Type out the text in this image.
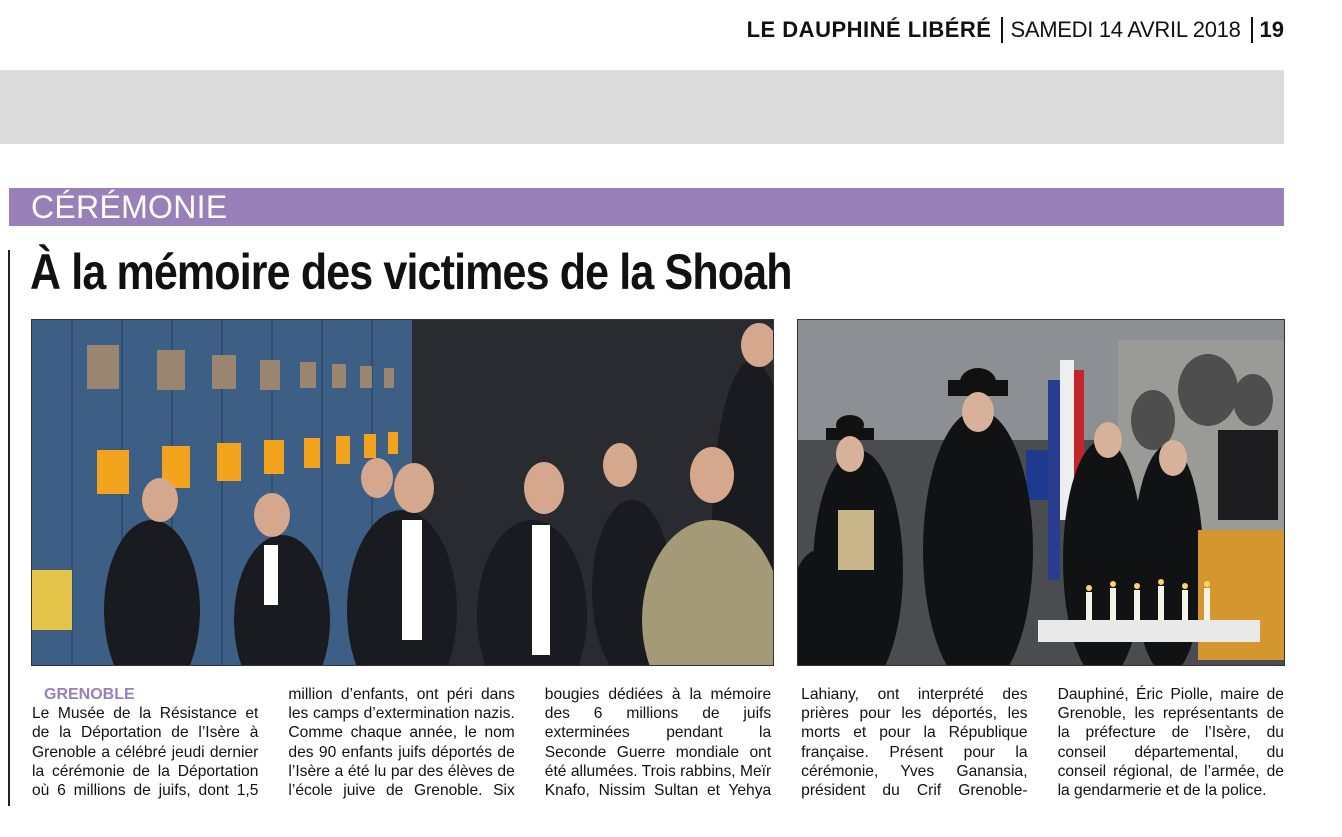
LE DAUPHINÉ LIBÉRÉ SAMEDI 14 AVRIL 2018 19
CÉRÉMONIE
À la mémoire des victimes de la Shoah
GRENOBLE

Le Musée de la Résistance et de la Déportation de l’Isère à Grenoble a célébré jeudi dernier la cérémonie de la Déportation où 6 millions de juifs, dont 1,5 million d’enfants, ont péri dans les camps d’extermination nazis. Comme chaque année, le nom des 90 enfants juifs déportés de l’Isère a été lu par des élèves de l’école juive de Grenoble. Six bougies dédiées à la mémoire des 6 millions de juifs exterminées pendant la Seconde Guerre mondiale ont été allumées. Trois rabbins, Meïr Knafo, Nissim Sultan et Yehya Lahiany, ont interprété des prières pour les déportés, les morts et pour la République française. Présent pour la cérémonie, Yves Ganansia, président du Crif Grenoble-Dauphiné, Éric Piolle, maire de Grenoble, les représentants de la préfecture de l’Isère, du conseil départemental, du conseil régional, de l’armée, de la gendarmerie et de la police.
